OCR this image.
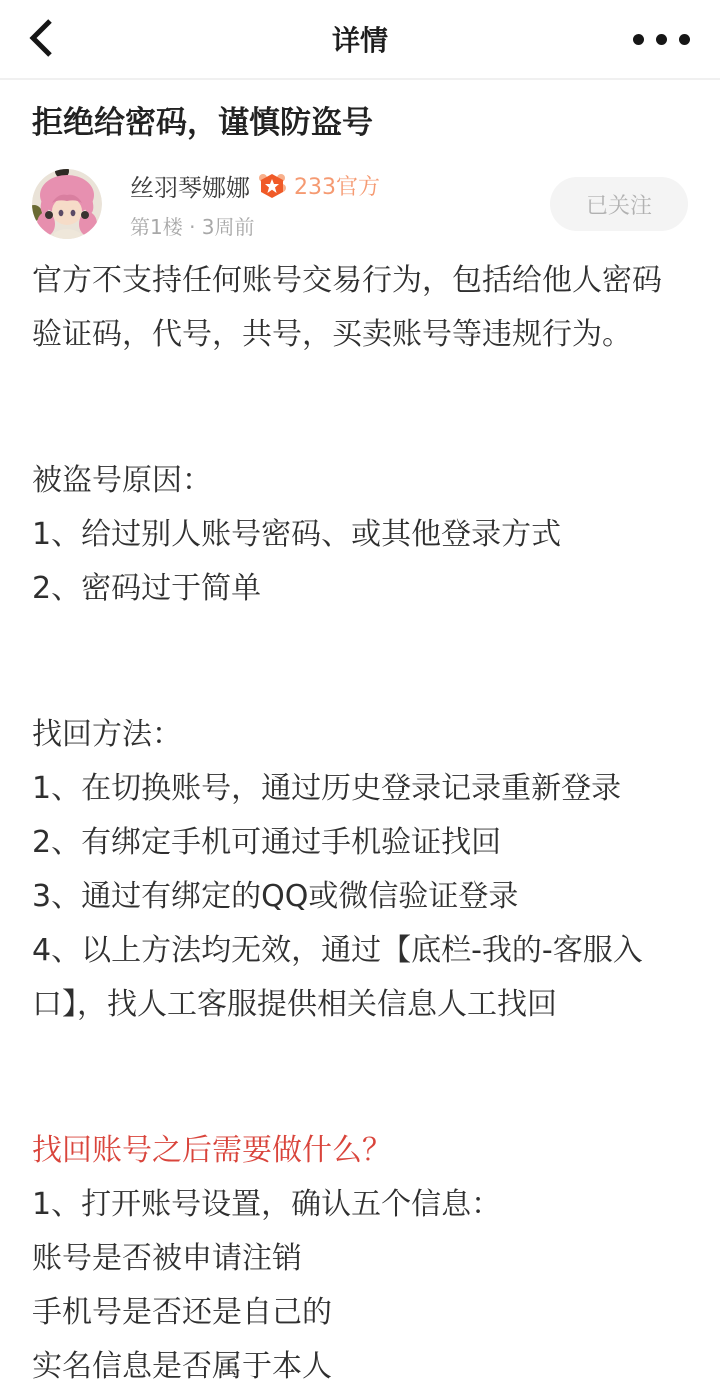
详情
拒绝给密码，谨慎防盗号
丝羽琴娜娜 233官方
第1楼 · 3周前
已关注

官方不支持任何账号交易行为，包括给他人密码验证码，代号，共号，买卖账号等违规行为。

被盗号原因：

1、给过别人账号密码、或其他登录方式

2、密码过于简单

找回方法：

1、在切换账号，通过历史登录记录重新登录

2、有绑定手机可通过手机验证找回

3、通过有绑定的QQ或微信验证登录

4、以上方法均无效，通过【底栏-我的-客服入口】，找人工客服提供相关信息人工找回

找回账号之后需要做什么？

1、打开账号设置，确认五个信息：

账号是否被申请注销

手机号是否还是自己的

实名信息是否属于本人
